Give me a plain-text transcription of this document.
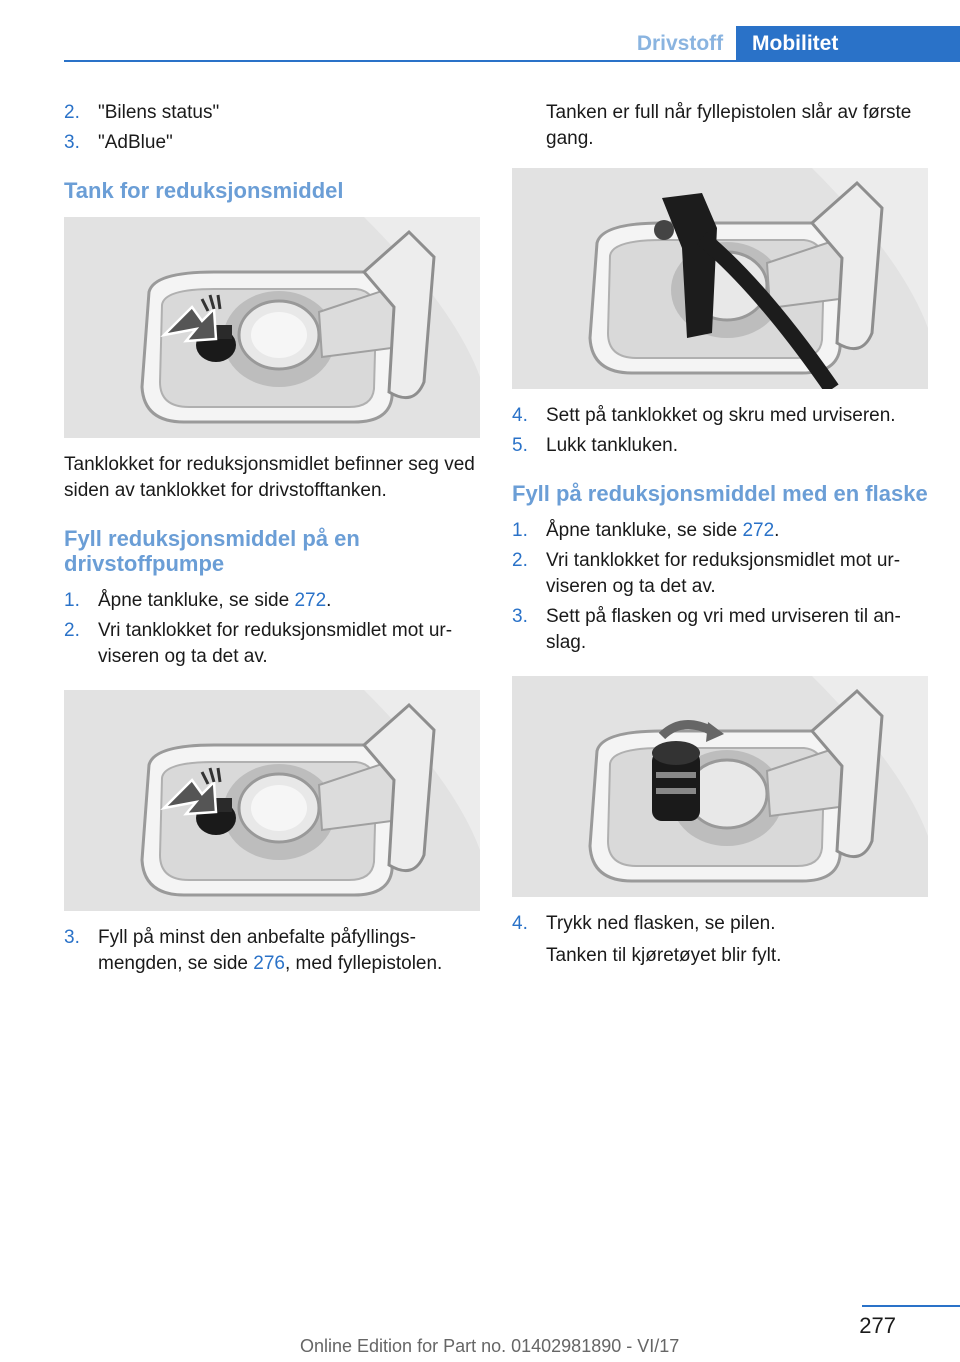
Drivstoff	Mobilitet
2. "Bilens status"
3. "AdBlue"
Tank for reduksjonsmiddel
Tanklokket for reduksjonsmidlet befinner seg ved siden av tanklokket for drivstofftanken.
Fyll reduksjonsmiddel på en drivstoffpumpe
1. Åpne tankluke, se side 272.
2. Vri tanklokket for reduksjonsmidlet mot urviseren og ta det av.
3. Fyll på minst den anbefalte påfyllingsmengden, se side 276, med fyllepistolen.
Tanken er full når fyllepistolen slår av første gang.
4. Sett på tanklokket og skru med urviseren.
5. Lukk tankluken.
Fyll på reduksjonsmiddel med en flaske
1. Åpne tankluke, se side 272.
2. Vri tanklokket for reduksjonsmidlet mot urviseren og ta det av.
3. Sett på flasken og vri med urviseren til anslag.
4. Trykk ned flasken, se pilen.
Tanken til kjøretøyet blir fylt.
277
Online Edition for Part no. 01402981890 - VI/17
